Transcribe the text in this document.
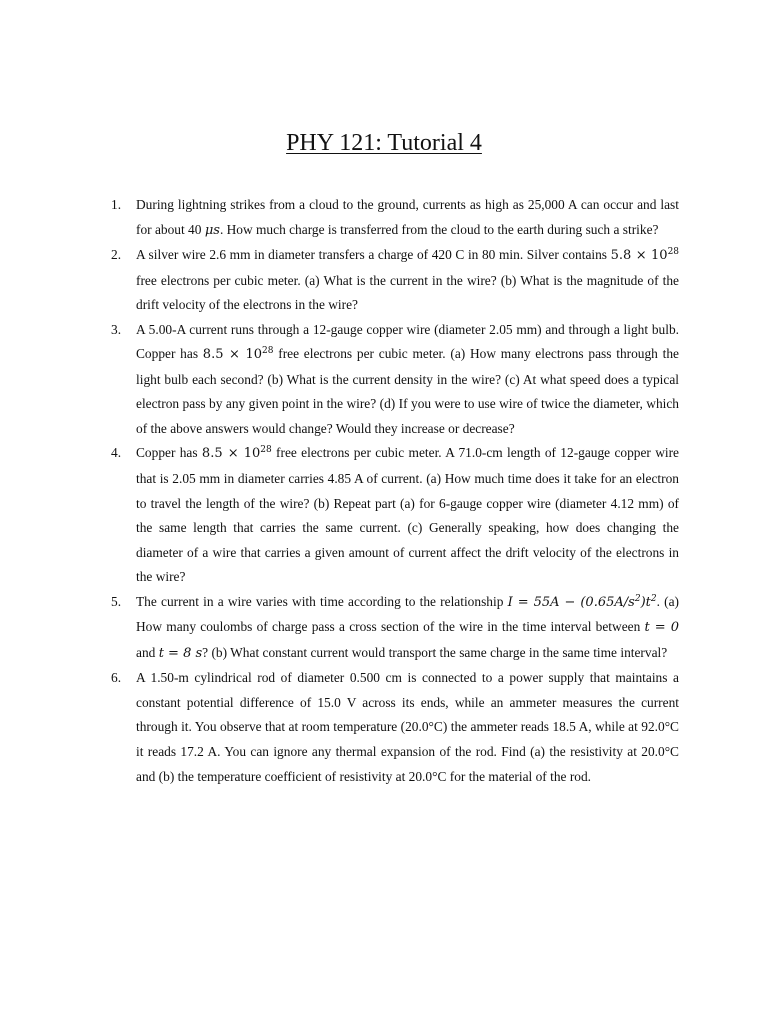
PHY 121: Tutorial 4
1. During lightning strikes from a cloud to the ground, currents as high as 25,000 A can occur and last for about 40 μs. How much charge is transferred from the cloud to the earth during such a strike?
2. A silver wire 2.6 mm in diameter transfers a charge of 420 C in 80 min. Silver contains $5.8 \times 10^{28}$ free electrons per cubic meter. (a) What is the current in the wire? (b) What is the magnitude of the drift velocity of the electrons in the wire?
3. A 5.00-A current runs through a 12-gauge copper wire (diameter 2.05 mm) and through a light bulb. Copper has $8.5 \times 10^{28}$ free electrons per cubic meter. (a) How many electrons pass through the light bulb each second? (b) What is the current density in the wire? (c) At what speed does a typical electron pass by any given point in the wire? (d) If you were to use wire of twice the diameter, which of the above answers would change? Would they increase or decrease?
4. Copper has $8.5 \times 10^{28}$ free electrons per cubic meter. A 71.0-cm length of 12-gauge copper wire that is 2.05 mm in diameter carries 4.85 A of current. (a) How much time does it take for an electron to travel the length of the wire? (b) Repeat part (a) for 6-gauge copper wire (diameter 4.12 mm) of the same length that carries the same current. (c) Generally speaking, how does changing the diameter of a wire that carries a given amount of current affect the drift velocity of the electrons in the wire?
5. The current in a wire varies with time according to the relationship $I = 55A - (0.65A/s^2)t^2$. (a) How many coulombs of charge pass a cross section of the wire in the time interval between t = 0 and t = 8 s? (b) What constant current would transport the same charge in the same time interval?
6. A 1.50-m cylindrical rod of diameter 0.500 cm is connected to a power supply that maintains a constant potential difference of 15.0 V across its ends, while an ammeter measures the current through it. You observe that at room temperature (20.0°C) the ammeter reads 18.5 A, while at 92.0°C it reads 17.2 A. You can ignore any thermal expansion of the rod. Find (a) the resistivity at 20.0°C and (b) the temperature coefficient of resistivity at 20.0°C for the material of the rod.
